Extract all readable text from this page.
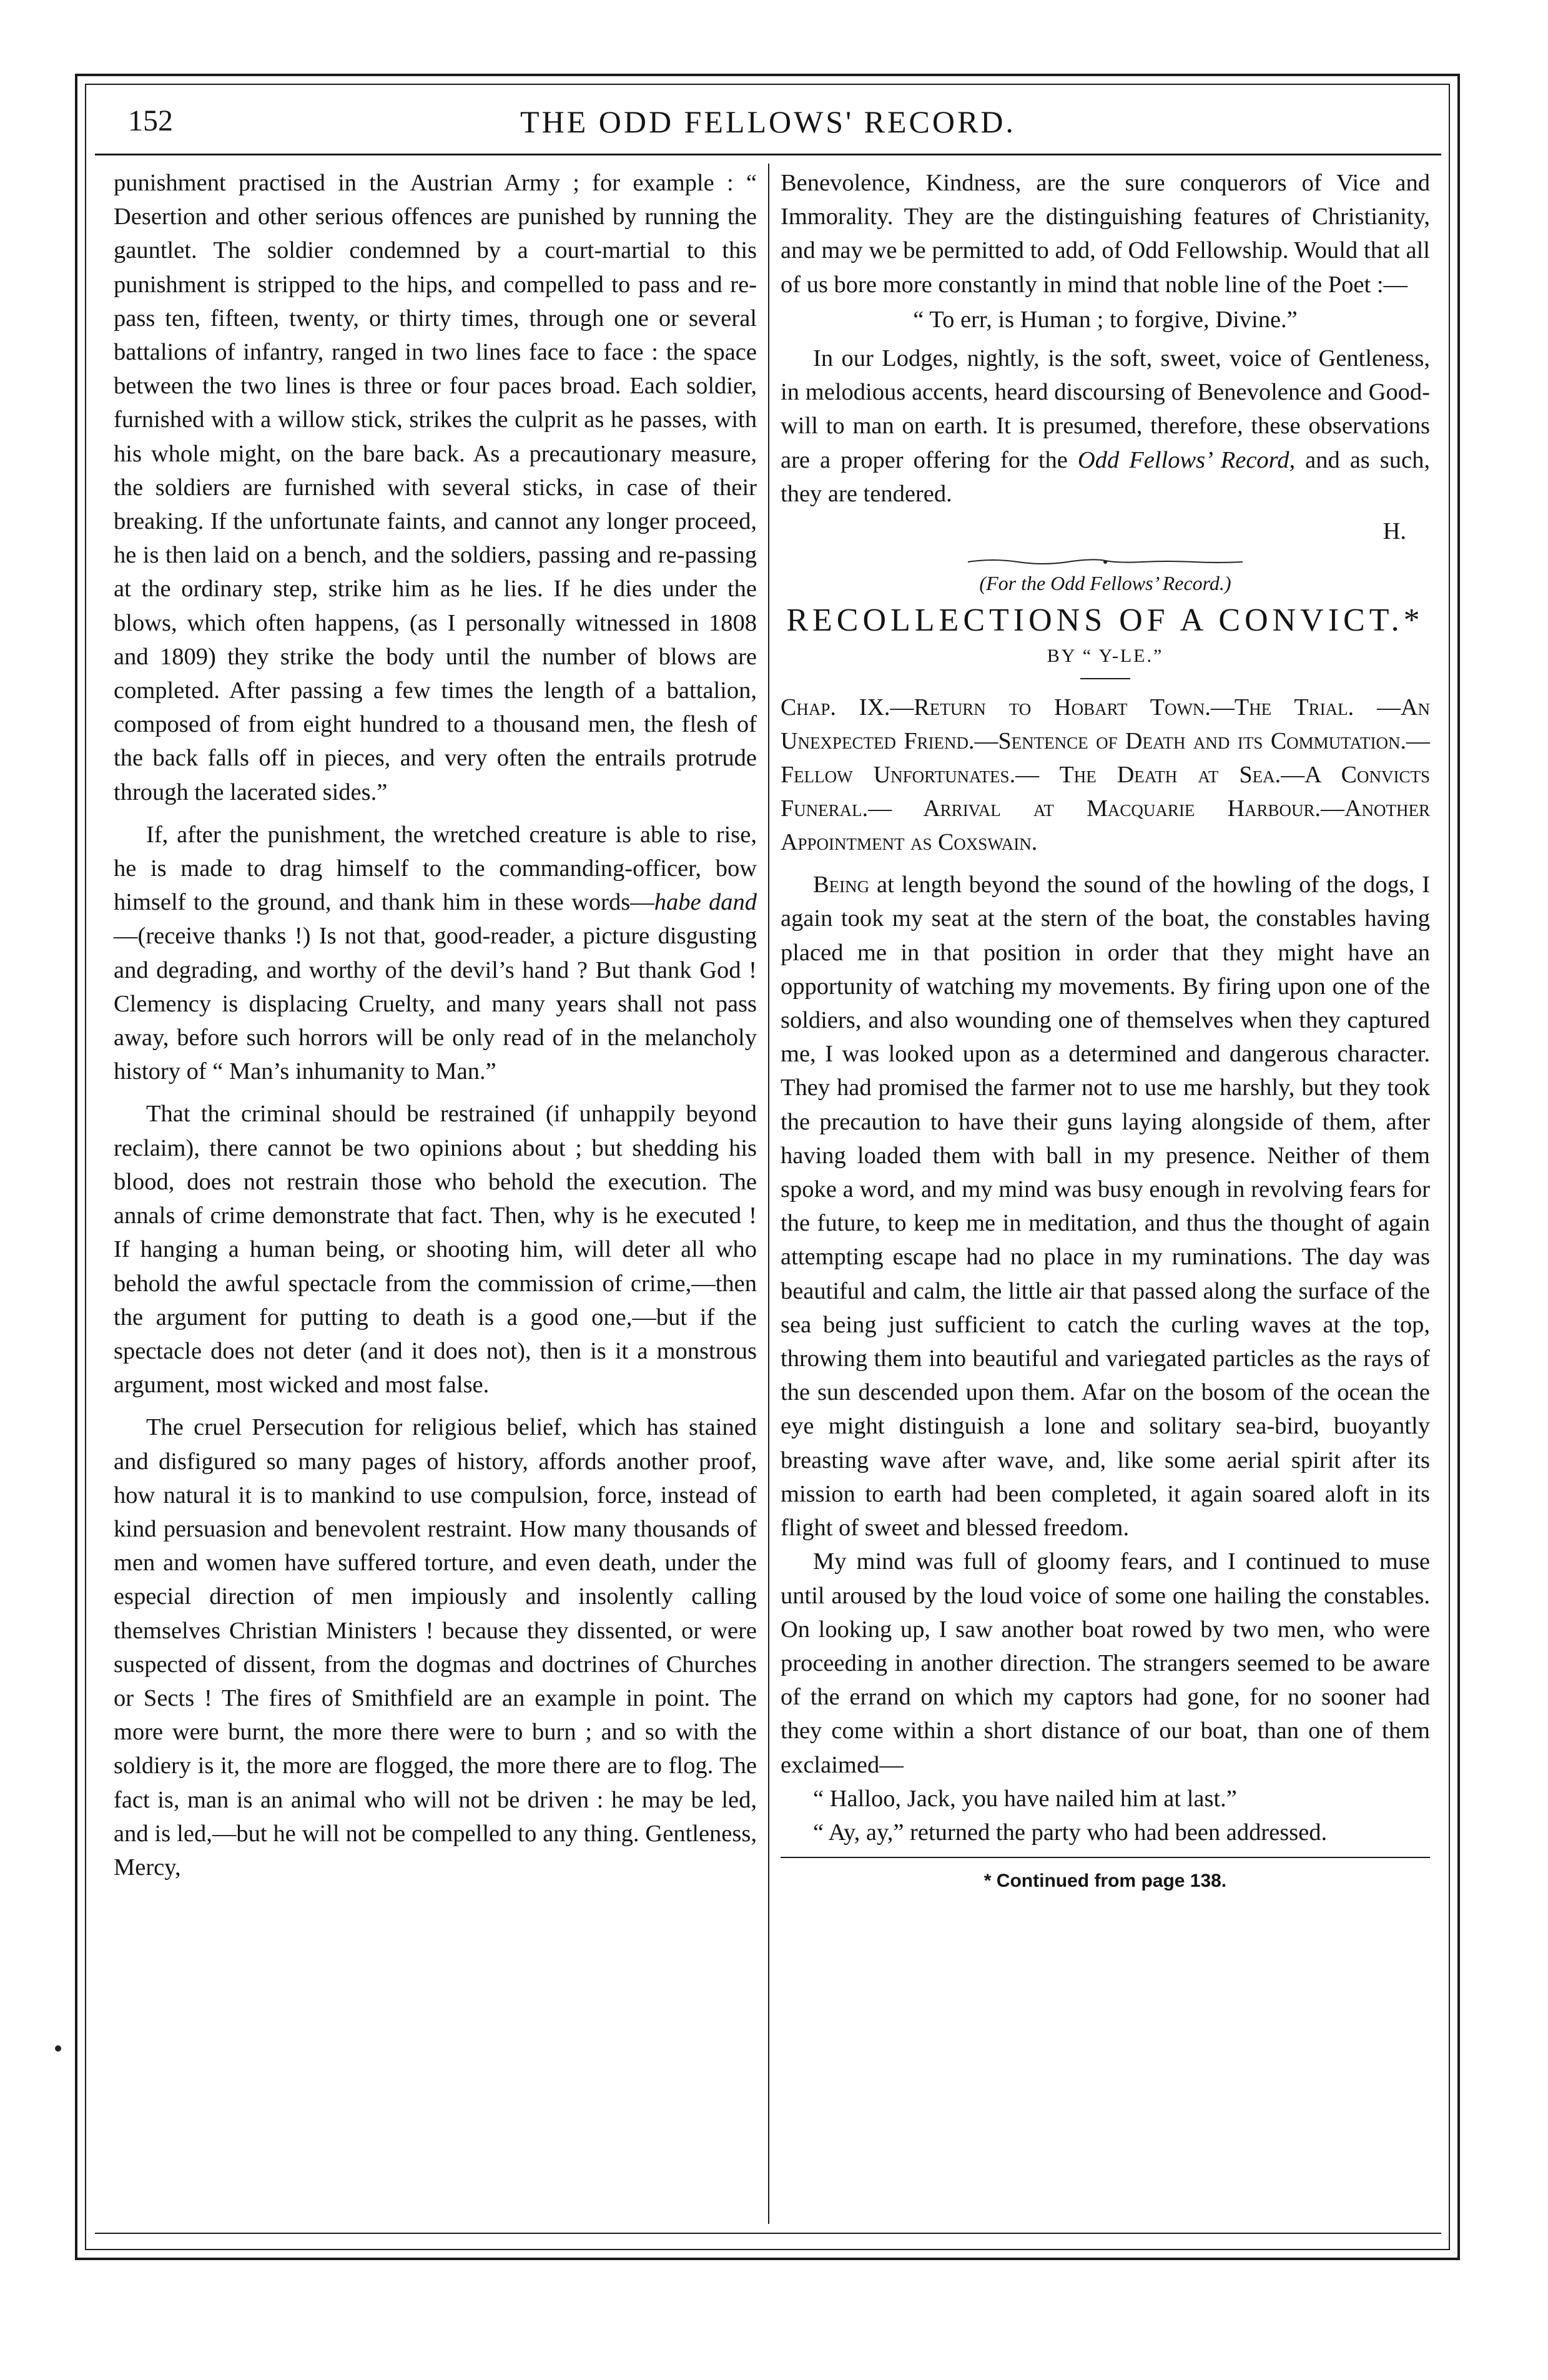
152	THE ODD FELLOWS' RECORD.

punishment practised in the Austrian Army ; for example : “ Desertion and other serious offences are punished by running the gauntlet. The soldier condemned by a court-martial to this punishment is stripped to the hips, and compelled to pass and re-pass ten, fifteen, twenty, or thirty times, through one or several battalions of infantry, ranged in two lines face to face : the space between the two lines is three or four paces broad. Each soldier, furnished with a willow stick, strikes the culprit as he passes, with his whole might, on the bare back. As a precautionary measure, the soldiers are furnished with several sticks, in case of their breaking. If the unfortunate faints, and cannot any longer proceed, he is then laid on a bench, and the soldiers, passing and re-passing at the ordinary step, strike him as he lies. If he dies under the blows, which often happens, (as I personally witnessed in 1808 and 1809) they strike the body until the number of blows are completed. After passing a few times the length of a battalion, composed of from eight hundred to a thousand men, the flesh of the back falls off in pieces, and very often the entrails protrude through the lacerated sides.”

If, after the punishment, the wretched creature is able to rise, he is made to drag himself to the commanding-officer, bow himself to the ground, and thank him in these words—habe dand—(receive thanks !) Is not that, good-reader, a picture disgusting and degrading, and worthy of the devil’s hand ? But thank God ! Clemency is displacing Cruelty, and many years shall not pass away, before such horrors will be only read of in the melancholy history of “ Man’s inhumanity to Man.”

That the criminal should be restrained (if unhappily beyond reclaim), there cannot be two opinions about ; but shedding his blood, does not restrain those who behold the execution. The annals of crime demonstrate that fact. Then, why is he executed ! If hanging a human being, or shooting him, will deter all who behold the awful spectacle from the commission of crime,—then the argument for putting to death is a good one,—but if the spectacle does not deter (and it does not), then is it a monstrous argument, most wicked and most false.

The cruel Persecution for religious belief, which has stained and disfigured so many pages of history, affords another proof, how natural it is to mankind to use compulsion, force, instead of kind persuasion and benevolent restraint. How many thousands of men and women have suffered torture, and even death, under the especial direction of men impiously and insolently calling themselves Christian Ministers ! because they dissented, or were suspected of dissent, from the dogmas and doctrines of Churches or Sects ! The fires of Smithfield are an example in point. The more were burnt, the more there were to burn ; and so with the soldiery is it, the more are flogged, the more there are to flog. The fact is, man is an animal who will not be driven : he may be led, and is led,—but he will not be compelled to any thing. Gentleness, Mercy,

Benevolence, Kindness, are the sure conquerors of Vice and Immorality. They are the distinguishing features of Christianity, and may we be permitted to add, of Odd Fellowship. Would that all of us bore more constantly in mind that noble line of the Poet :—

“ To err, is Human ; to forgive, Divine.”

In our Lodges, nightly, is the soft, sweet, voice of Gentleness, in melodious accents, heard discoursing of Benevolence and Good-will to man on earth. It is presumed, therefore, these observations are a proper offering for the Odd Fellows’ Record, and as such, they are tendered.

H.

(For the Odd Fellows’ Record.)

RECOLLECTIONS OF A CONVICT.*

BY “ Y-LE.”

Chap. IX.—Return to Hobart Town.—The Trial. —An Unexpected Friend.—Sentence of Death and its Commutation.—Fellow Unfortunates.— The Death at Sea.—A Convicts Funeral.— Arrival at Macquarie Harbour.—Another Appointment as Coxswain.

Being at length beyond the sound of the howling of the dogs, I again took my seat at the stern of the boat, the constables having placed me in that position in order that they might have an opportunity of watching my movements. By firing upon one of the soldiers, and also wounding one of themselves when they captured me, I was looked upon as a determined and dangerous character. They had promised the farmer not to use me harshly, but they took the precaution to have their guns laying alongside of them, after having loaded them with ball in my presence. Neither of them spoke a word, and my mind was busy enough in revolving fears for the future, to keep me in meditation, and thus the thought of again attempting escape had no place in my ruminations. The day was beautiful and calm, the little air that passed along the surface of the sea being just sufficient to catch the curling waves at the top, throwing them into beautiful and variegated particles as the rays of the sun descended upon them. Afar on the bosom of the ocean the eye might distinguish a lone and solitary sea-bird, buoyantly breasting wave after wave, and, like some aerial spirit after its mission to earth had been completed, it again soared aloft in its flight of sweet and blessed freedom.

My mind was full of gloomy fears, and I continued to muse until aroused by the loud voice of some one hailing the constables. On looking up, I saw another boat rowed by two men, who were proceeding in another direction. The strangers seemed to be aware of the errand on which my captors had gone, for no sooner had they come within a short distance of our boat, than one of them exclaimed—

“ Halloo, Jack, you have nailed him at last.”

“ Ay, ay,” returned the party who had been addressed.

* Continued from page 138.
